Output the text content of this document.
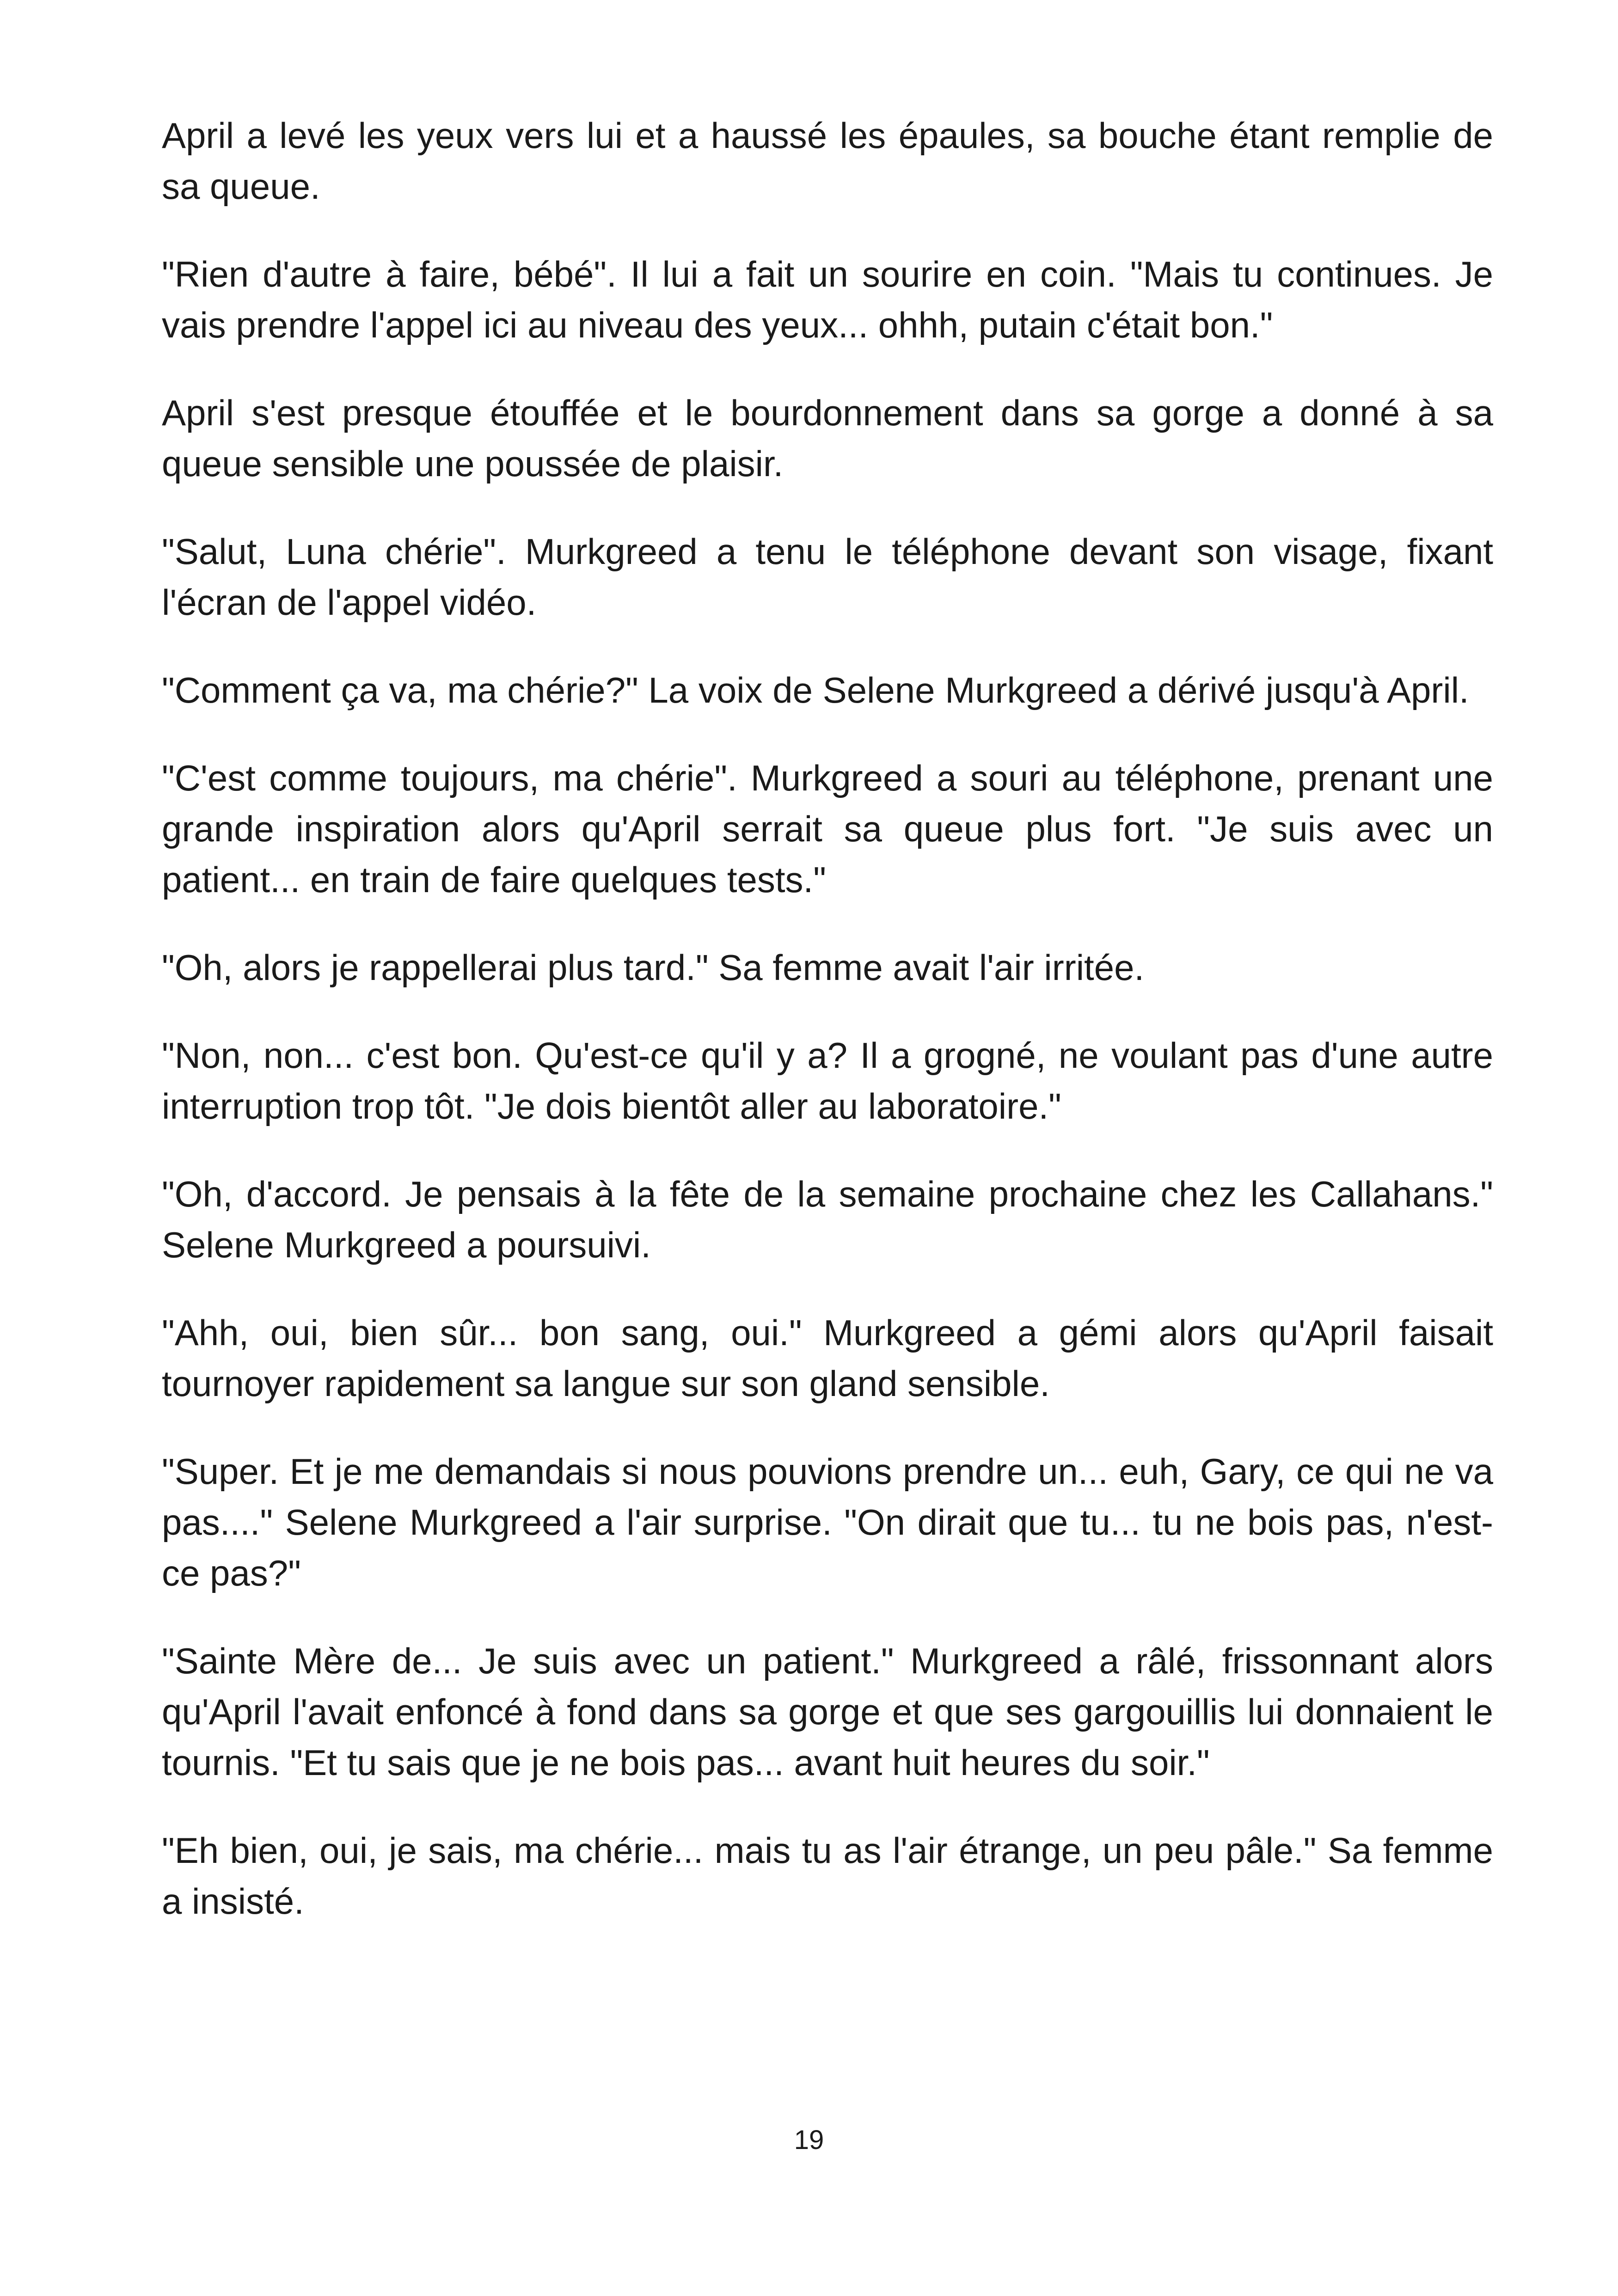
April a levé les yeux vers lui et a haussé les épaules, sa bouche étant remplie de sa queue.

"Rien d'autre à faire, bébé". Il lui a fait un sourire en coin. "Mais tu continues. Je vais prendre l'appel ici au niveau des yeux... ohhh, putain c'était bon."

April s'est presque étouffée et le bourdonnement dans sa gorge a donné à sa queue sensible une poussée de plaisir.

"Salut, Luna chérie". Murkgreed a tenu le téléphone devant son visage, fixant l'écran de l'appel vidéo.

"Comment ça va, ma chérie?" La voix de Selene Murkgreed a dérivé jusqu'à April.

"C'est comme toujours, ma chérie". Murkgreed a souri au téléphone, prenant une grande inspiration alors qu'April serrait sa queue plus fort. "Je suis avec un patient... en train de faire quelques tests."

"Oh, alors je rappellerai plus tard." Sa femme avait l'air irritée.

"Non, non... c'est bon. Qu'est-ce qu'il y a? Il a grogné, ne voulant pas d'une autre interruption trop tôt. "Je dois bientôt aller au laboratoire."

"Oh, d'accord. Je pensais à la fête de la semaine prochaine chez les Callahans." Selene Murkgreed a poursuivi.

"Ahh, oui, bien sûr... bon sang, oui." Murkgreed a gémi alors qu'April faisait tournoyer rapidement sa langue sur son gland sensible.

"Super. Et je me demandais si nous pouvions prendre un... euh, Gary, ce qui ne va pas...." Selene Murkgreed a l'air surprise. "On dirait que tu... tu ne bois pas, n'est-ce pas?"

"Sainte Mère de... Je suis avec un patient." Murkgreed a râlé, frissonnant alors qu'April l'avait enfoncé à fond dans sa gorge et que ses gargouillis lui donnaient le tournis. "Et tu sais que je ne bois pas... avant huit heures du soir."

"Eh bien, oui, je sais, ma chérie... mais tu as l'air étrange, un peu pâle." Sa femme a insisté.

19
